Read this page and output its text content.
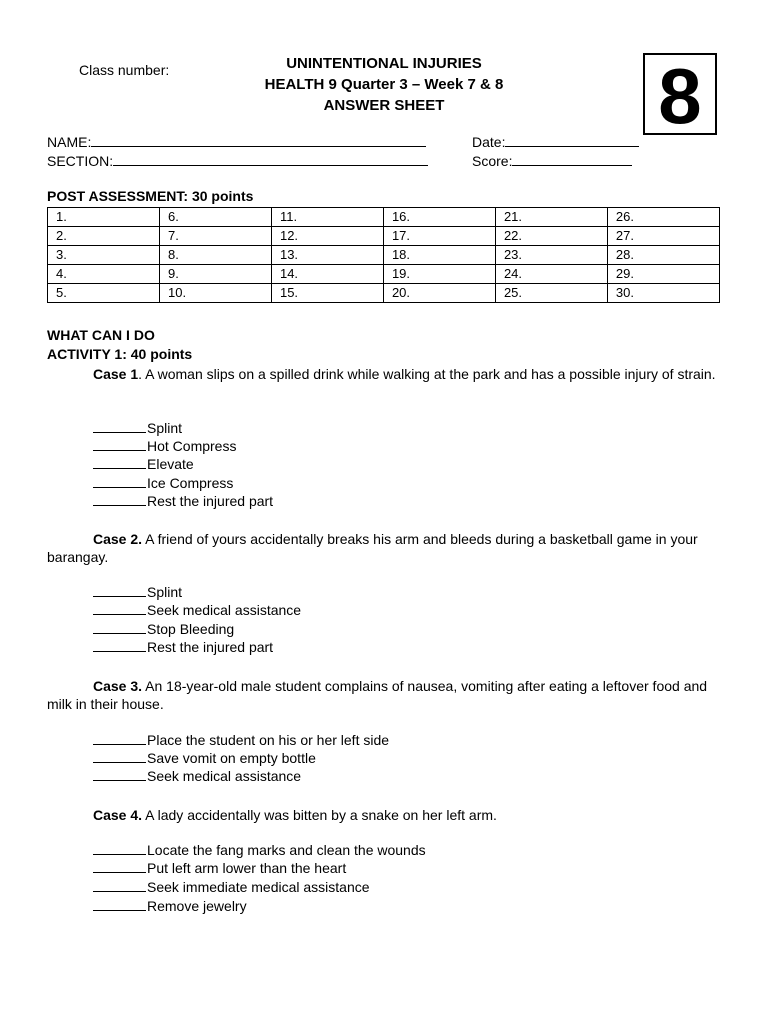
Class number:	UNINTENTIONAL INJURIES
HEALTH 9 Quarter 3 – Week 7 & 8
ANSWER SHEET	8
NAME:
SECTION:
Date:
Score:
POST ASSESSMENT: 30 points
1.	6.	11.	16.	21.	26.
2.	7.	12.	17.	22.	27.
3.	8.	13.	18.	23.	28.
4.	9.	14.	19.	24.	29.
5.	10.	15.	20.	25.	30.
WHAT CAN I DO
ACTIVITY 1: 40 points
Case 1. A woman slips on a spilled drink while walking at the park and has a possible injury of strain.
Splint
Hot Compress
Elevate
Ice Compress
Rest the injured part
Case 2. A friend of yours accidentally breaks his arm and bleeds during a basketball game in your barangay.
Splint
Seek medical assistance
Stop Bleeding
Rest the injured part
Case 3. An 18-year-old male student complains of nausea, vomiting after eating a leftover food and milk in their house.
Place the student on his or her left side
Save vomit on empty bottle
Seek medical assistance
Case 4. A lady accidentally was bitten by a snake on her left arm.
Locate the fang marks and clean the wounds
Put left arm lower than the heart
Seek immediate medical assistance
Remove jewelry
